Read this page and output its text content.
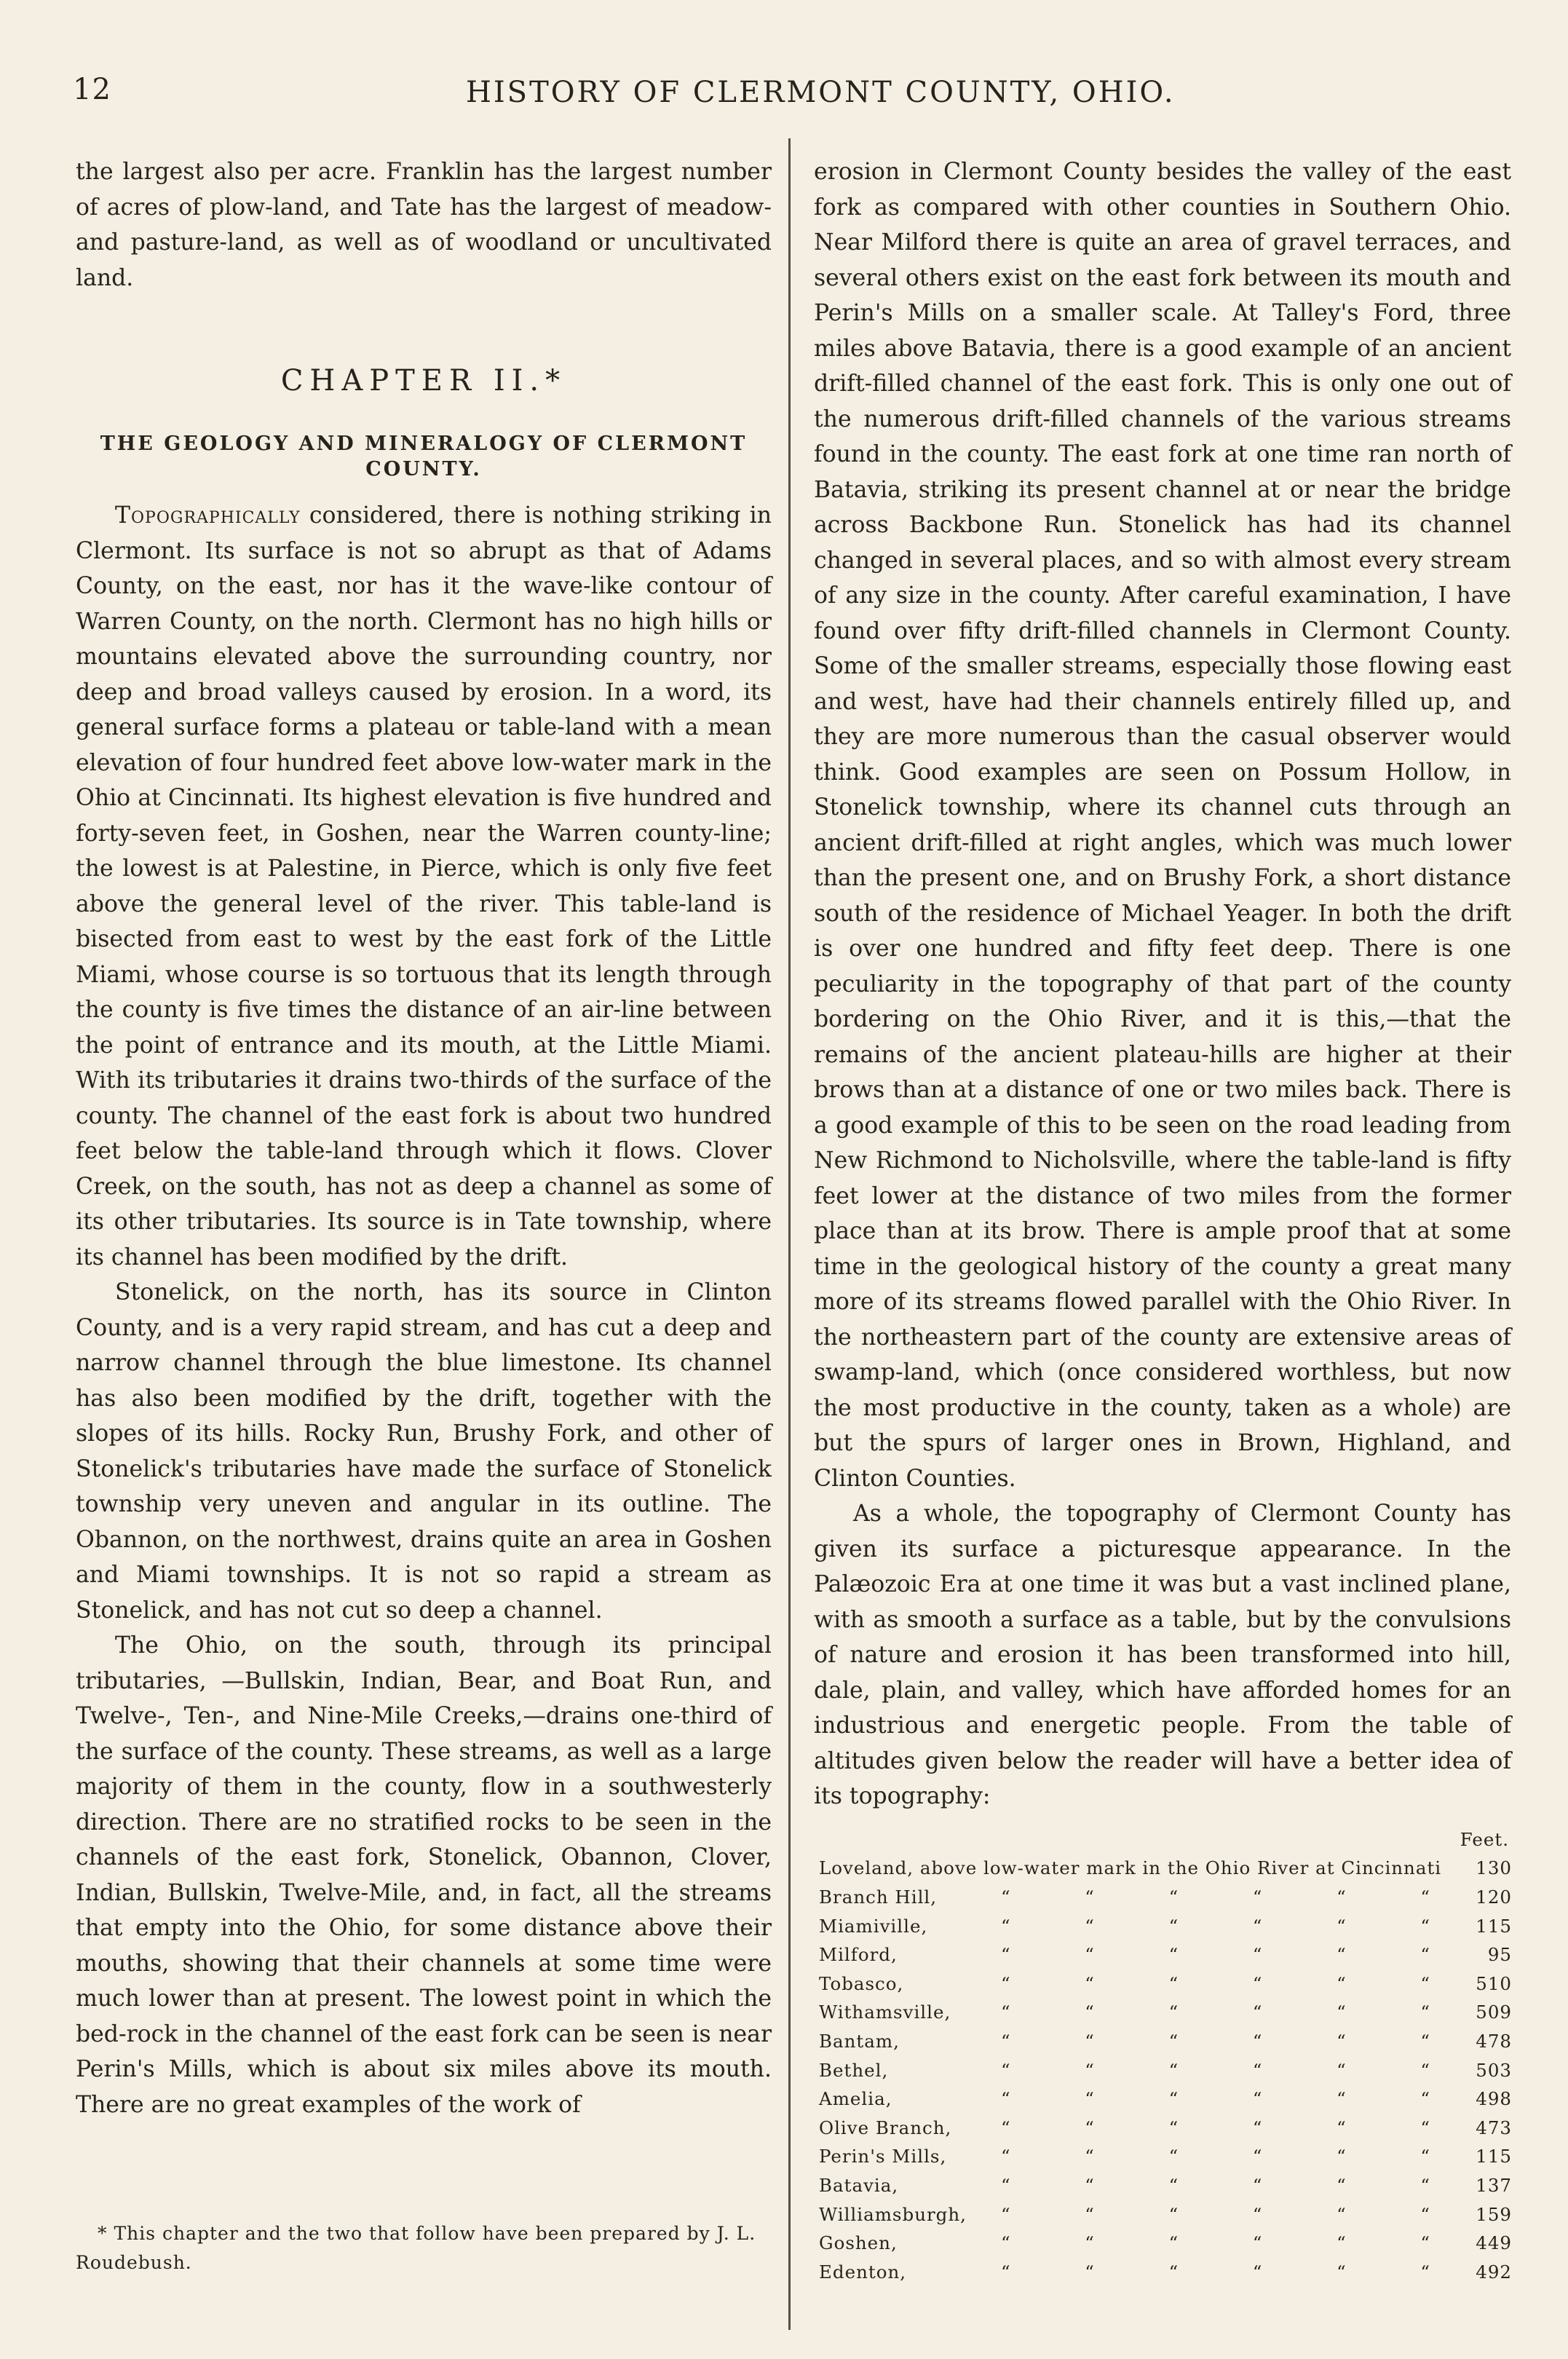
12	HISTORY OF CLERMONT COUNTY, OHIO.

the largest also per acre. Franklin has the largest number of acres of plow-land, and Tate has the largest of meadow- and pasture-land, as well as of woodland or uncultivated land.

CHAPTER II.*
THE GEOLOGY AND MINERALOGY OF CLERMONT COUNTY.

Topographically considered, there is nothing striking in Clermont. Its surface is not so abrupt as that of Adams County, on the east, nor has it the wave-like contour of Warren County, on the north. Clermont has no high hills or mountains elevated above the surrounding country, nor deep and broad valleys caused by erosion. In a word, its general surface forms a plateau or table-land with a mean elevation of four hundred feet above low-water mark in the Ohio at Cincinnati. Its highest elevation is five hundred and forty-seven feet, in Goshen, near the Warren county-line; the lowest is at Palestine, in Pierce, which is only five feet above the general level of the river. This table-land is bisected from east to west by the east fork of the Little Miami, whose course is so tortuous that its length through the county is five times the distance of an air-line between the point of entrance and its mouth, at the Little Miami. With its tributaries it drains two-thirds of the surface of the county. The channel of the east fork is about two hundred feet below the table-land through which it flows. Clover Creek, on the south, has not as deep a channel as some of its other tributaries. Its source is in Tate township, where its channel has been modified by the drift.

Stonelick, on the north, has its source in Clinton County, and is a very rapid stream, and has cut a deep and narrow channel through the blue limestone. Its channel has also been modified by the drift, together with the slopes of its hills. Rocky Run, Brushy Fork, and other of Stonelick's tributaries have made the surface of Stonelick township very uneven and angular in its outline. The Obannon, on the northwest, drains quite an area in Goshen and Miami townships. It is not so rapid a stream as Stonelick, and has not cut so deep a channel.

The Ohio, on the south, through its principal tributaries, —Bullskin, Indian, Bear, and Boat Run, and Twelve-, Ten-, and Nine-Mile Creeks,—drains one-third of the surface of the county. These streams, as well as a large majority of them in the county, flow in a southwesterly direction. There are no stratified rocks to be seen in the channels of the east fork, Stonelick, Obannon, Clover, Indian, Bullskin, Twelve-Mile, and, in fact, all the streams that empty into the Ohio, for some distance above their mouths, showing that their channels at some time were much lower than at present. The lowest point in which the bed-rock in the channel of the east fork can be seen is near Perin's Mills, which is about six miles above its mouth. There are no great examples of the work of

* This chapter and the two that follow have been prepared by J. L. Roudebush.

erosion in Clermont County besides the valley of the east fork as compared with other counties in Southern Ohio. Near Milford there is quite an area of gravel terraces, and several others exist on the east fork between its mouth and Perin's Mills on a smaller scale. At Talley's Ford, three miles above Batavia, there is a good example of an ancient drift-filled channel of the east fork. This is only one out of the numerous drift-filled channels of the various streams found in the county. The east fork at one time ran north of Batavia, striking its present channel at or near the bridge across Backbone Run. Stonelick has had its channel changed in several places, and so with almost every stream of any size in the county. After careful examination, I have found over fifty drift-filled channels in Clermont County. Some of the smaller streams, especially those flowing east and west, have had their channels entirely filled up, and they are more numerous than the casual observer would think. Good examples are seen on Possum Hollow, in Stonelick township, where its channel cuts through an ancient drift-filled at right angles, which was much lower than the present one, and on Brushy Fork, a short distance south of the residence of Michael Yeager. In both the drift is over one hundred and fifty feet deep. There is one peculiarity in the topography of that part of the county bordering on the Ohio River, and it is this,—that the remains of the ancient plateau-hills are higher at their brows than at a distance of one or two miles back. There is a good example of this to be seen on the road leading from New Richmond to Nicholsville, where the table-land is fifty feet lower at the distance of two miles from the former place than at its brow. There is ample proof that at some time in the geological history of the county a great many more of its streams flowed parallel with the Ohio River. In the northeastern part of the county are extensive areas of swamp-land, which (once considered worthless, but now the most productive in the county, taken as a whole) are but the spurs of larger ones in Brown, Highland, and Clinton Counties.

As a whole, the topography of Clermont County has given its surface a picturesque appearance. In the Palæozoic Era at one time it was but a vast inclined plane, with as smooth a surface as a table, but by the convulsions of nature and erosion it has been transformed into hill, dale, plain, and valley, which have afforded homes for an industrious and energetic people. From the table of altitudes given below the reader will have a better idea of its topography:

Feet.
Loveland, above low-water mark in the Ohio River at Cincinnati	130
Branch Hill,	“	“	“	“	“	“	120
Miamiville,	“	“	“	“	“	“	115
Milford,	“	“	“	“	“	“	95
Tobasco,	“	“	“	“	“	“	510
Withamsville,	“	“	“	“	“	“	509
Bantam,	“	“	“	“	“	“	478
Bethel,	“	“	“	“	“	“	503
Amelia,	“	“	“	“	“	“	498
Olive Branch,	“	“	“	“	“	“	473
Perin's Mills,	“	“	“	“	“	“	115
Batavia,	“	“	“	“	“	“	137
Williamsburgh,	“	“	“	“	“	“	159
Goshen,	“	“	“	“	“	“	449
Edenton,	“	“	“	“	“	“	492
